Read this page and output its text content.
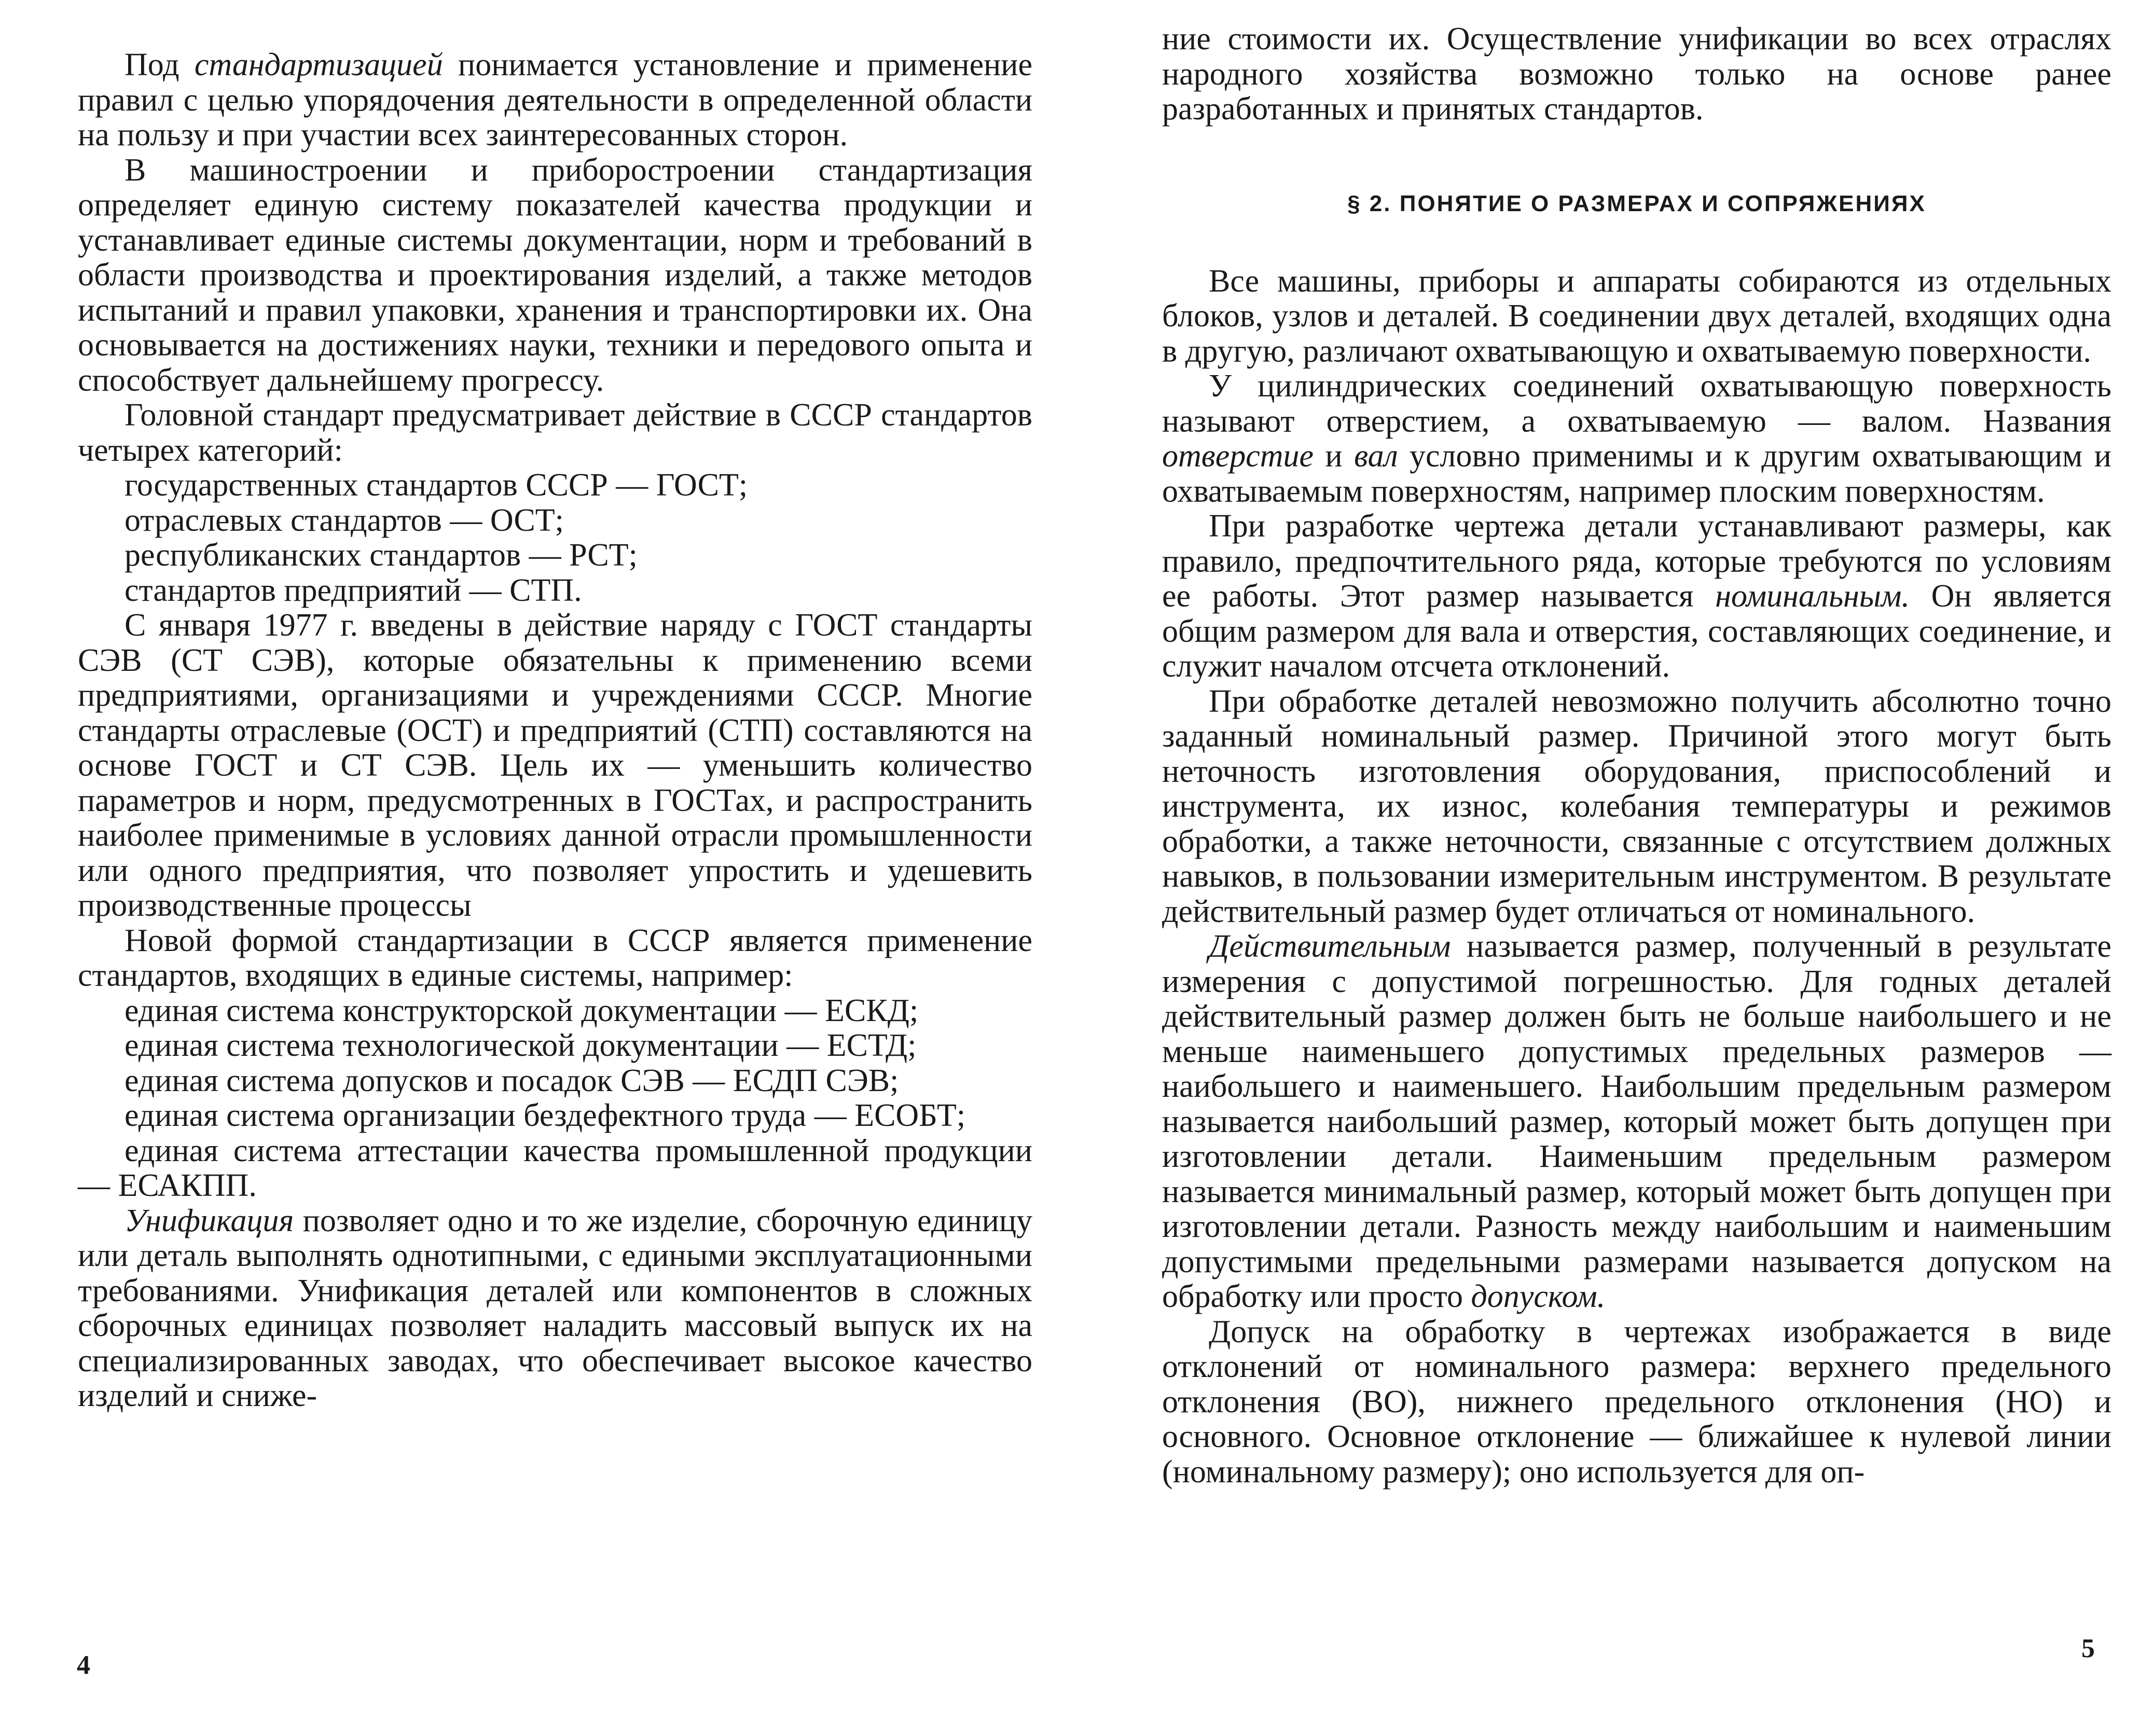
Под стандартизацией понимается установление и применение правил с целью упорядочения деятельности в определенной области на пользу и при участии всех заинтересованных сторон.

В машиностроении и приборостроении стандартизация определяет единую систему показателей качества продукции и устанавливает единые системы документации, норм и требований в области производства и проектирования изделий, а также методов испытаний и правил упаковки, хранения и транспортировки их. Она основывается на достижениях науки, техники и передового опыта и способствует дальнейшему прогрессу.

Головной стандарт предусматривает действие в СССР стандартов четырех категорий:

государственных стандартов СССР — ГОСТ;

отраслевых стандартов — ОСТ;

республиканских стандартов — РСТ;

стандартов предприятий — СТП.

С января 1977 г. введены в действие наряду с ГОСТ стандарты СЭВ (СТ СЭВ), которые обязательны к применению всеми предприятиями, организациями и учреждениями СССР. Многие стандарты отраслевые (ОСТ) и предприятий (СТП) составляются на основе ГОСТ и СТ СЭВ. Цель их — уменьшить количество параметров и норм, предусмотренных в ГОСТах, и распространить наиболее применимые в условиях данной отрасли промышленности или одного предприятия, что позволяет упростить и удешевить производственные процессы

Новой формой стандартизации в СССР является применение стандартов, входящих в единые системы, например:

единая система конструкторской документации — ЕСКД;

единая система технологической документации — ЕСТД;

единая система допусков и посадок СЭВ — ЕСДП СЭВ;

единая система организации бездефектного труда — ЕСОБТ;

единая система аттестации качества промышленной продукции — ЕСАКПП.

Унификация позволяет одно и то же изделие, сборочную единицу или деталь выполнять однотипными, с едиными эксплуатационными требованиями. Унификация деталей или компонентов в сложных сборочных единицах позволяет наладить массовый выпуск их на специализированных заводах, что обеспечивает высокое качество изделий и сниже-

4

ние стоимости их. Осуществление унификации во всех отраслях народного хозяйства возможно только на основе ранее разработанных и принятых стандартов.

§ 2. ПОНЯТИЕ О РАЗМЕРАХ И СОПРЯЖЕНИЯХ

Все машины, приборы и аппараты собираются из отдельных блоков, узлов и деталей. В соединении двух деталей, входящих одна в другую, различают охватывающую и охватываемую поверхности.

У цилиндрических соединений охватывающую поверхность называют отверстием, а охватываемую — валом. Названия отверстие и вал условно применимы и к другим охватывающим и охватываемым поверхностям, например плоским поверхностям.

При разработке чертежа детали устанавливают размеры, как правило, предпочтительного ряда, которые требуются по условиям ее работы. Этот размер называется номинальным. Он является общим размером для вала и отверстия, составляющих соединение, и служит началом отсчета отклонений.

При обработке деталей невозможно получить абсолютно точно заданный номинальный размер. Причиной этого могут быть неточность изготовления оборудования, приспособлений и инструмента, их износ, колебания температуры и режимов обработки, а также неточности, связанные с отсутствием должных навыков, в пользовании измерительным инструментом. В результате действительный размер будет отличаться от номинального.

Действительным называется размер, полученный в результате измерения с допустимой погрешностью. Для годных деталей действительный размер должен быть не больше наибольшего и не меньше наименьшего допустимых предельных размеров — наибольшего и наименьшего. Наибольшим предельным размером называется наибольший размер, который может быть допущен при изготовлении детали. Наименьшим предельным размером называется минимальный размер, который может быть допущен при изготовлении детали. Разность между наибольшим и наименьшим допустимыми предельными размерами называется допуском на обработку или просто допуском.

Допуск на обработку в чертежах изображается в виде отклонений от номинального размера: верхнего предельного отклонения (ВО), нижнего предельного отклонения (НО) и основного. Основное отклонение — ближайшее к нулевой линии (номинальному размеру); оно используется для оп-

5
